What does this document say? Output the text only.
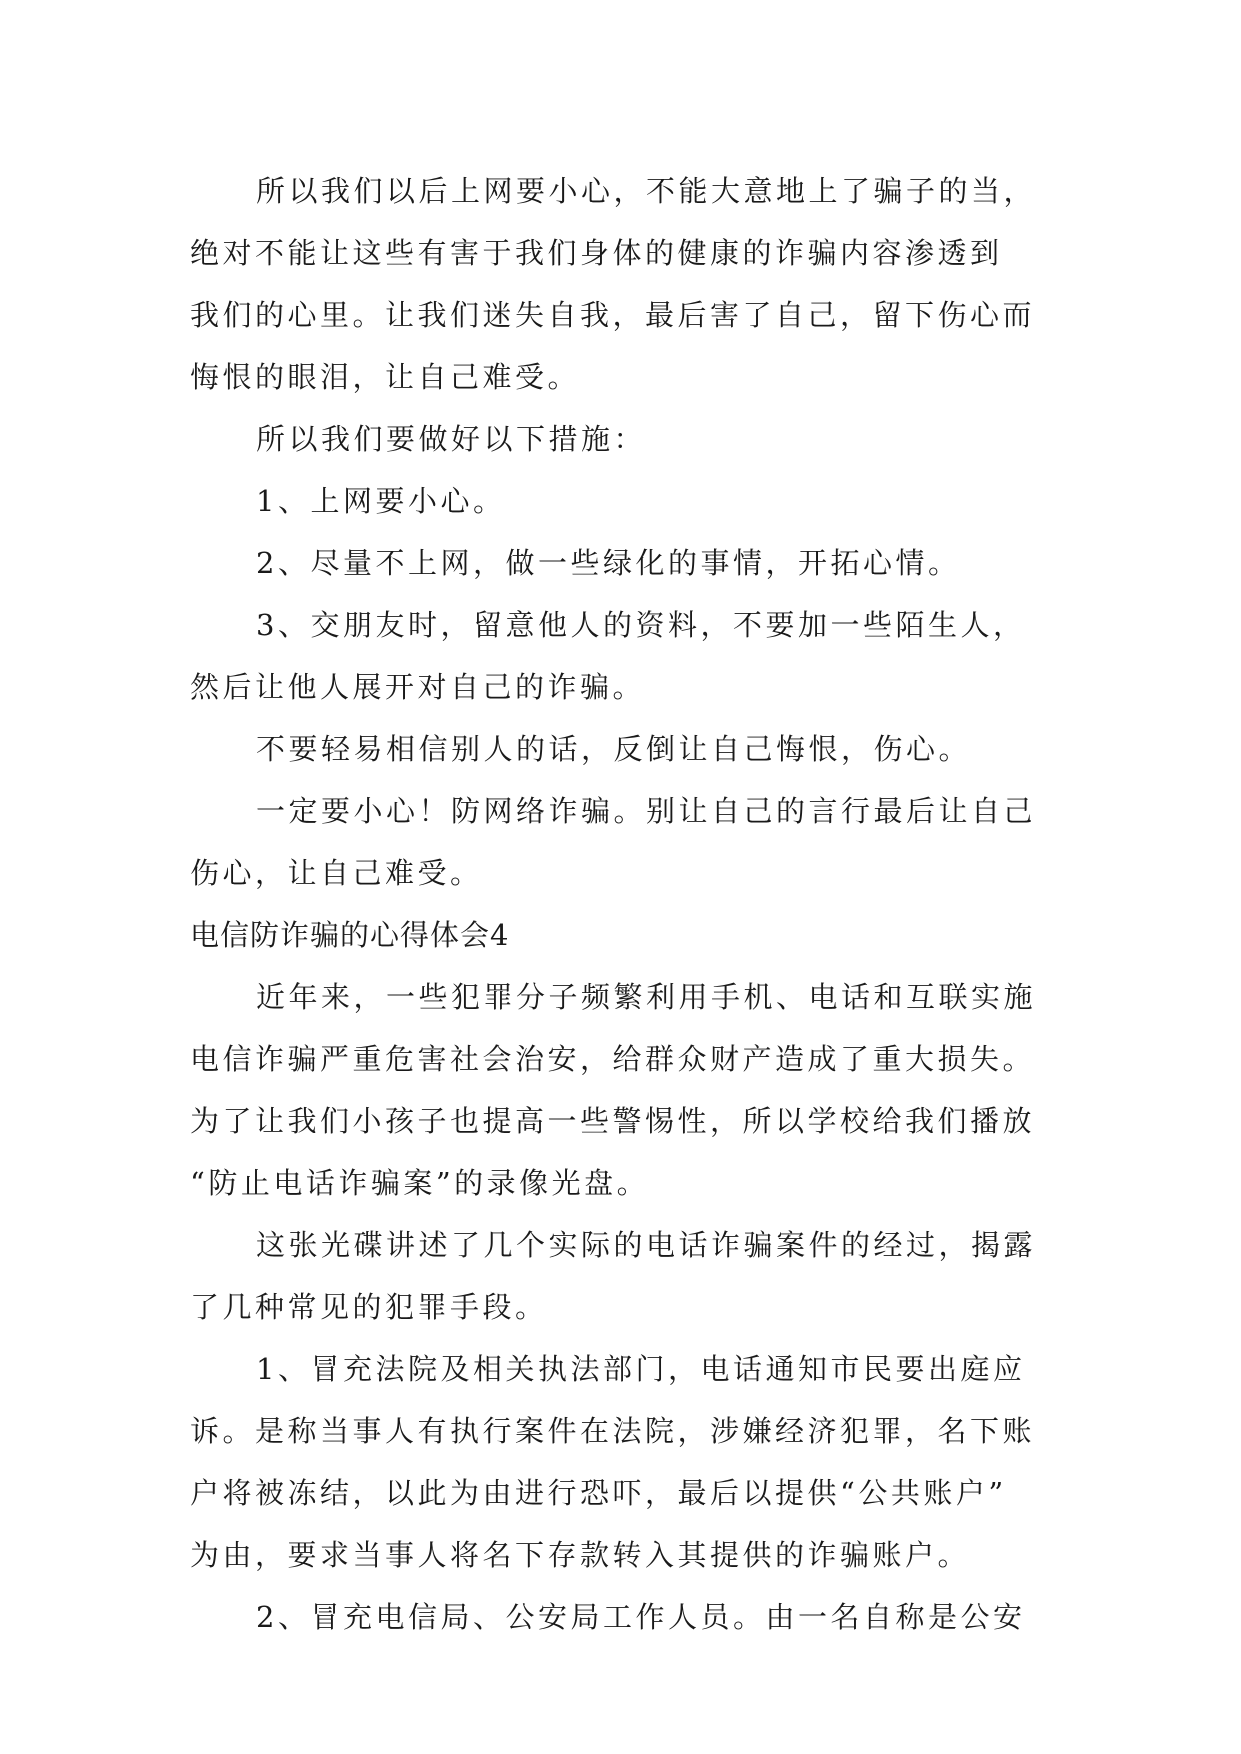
所以我们以后上网要小心，不能大意地上了骗子的当，
绝对不能让这些有害于我们身体的健康的诈骗内容渗透到
我们的心里。让我们迷失自我，最后害了自己，留下伤心而
悔恨的眼泪，让自己难受。
所以我们要做好以下措施：
1、上网要小心。
2、尽量不上网，做一些绿化的事情，开拓心情。
3、交朋友时，留意他人的资料，不要加一些陌生人，
然后让他人展开对自己的诈骗。
不要轻易相信别人的话，反倒让自己悔恨，伤心。
一定要小心！防网络诈骗。别让自己的言行最后让自己
伤心，让自己难受。
电信防诈骗的心得体会4
近年来，一些犯罪分子频繁利用手机、电话和互联实施
电信诈骗严重危害社会治安，给群众财产造成了重大损失。
为了让我们小孩子也提高一些警惕性，所以学校给我们播放
“防止电话诈骗案”的录像光盘。
这张光碟讲述了几个实际的电话诈骗案件的经过，揭露
了几种常见的犯罪手段。
1、冒充法院及相关执法部门，电话通知市民要出庭应
诉。是称当事人有执行案件在法院，涉嫌经济犯罪，名下账
户将被冻结，以此为由进行恐吓，最后以提供“公共账户”
为由，要求当事人将名下存款转入其提供的诈骗账户。
2、冒充电信局、公安局工作人员。由一名自称是公安
